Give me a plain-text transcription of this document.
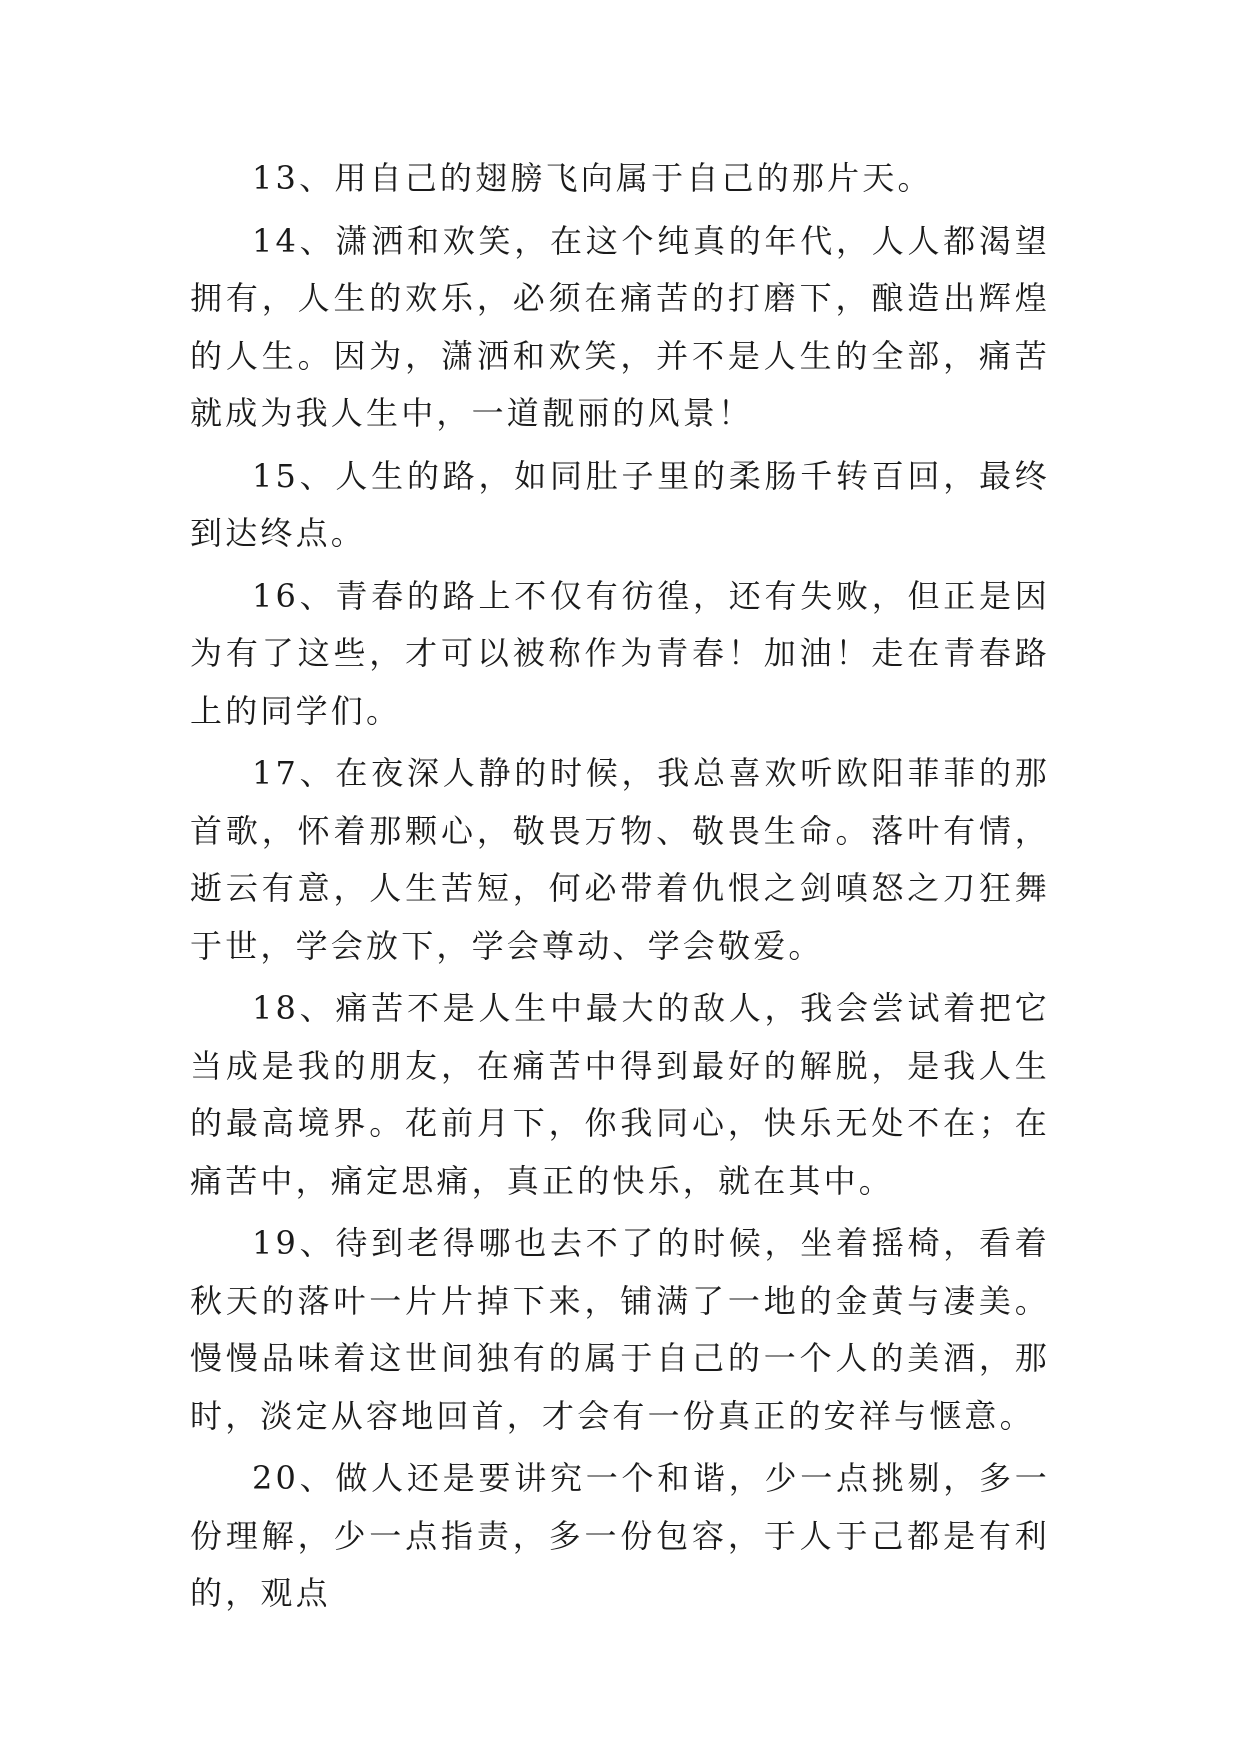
13、用自己的翅膀飞向属于自己的那片天。

14、潇洒和欢笑，在这个纯真的年代，人人都渴望拥有，人生的欢乐，必须在痛苦的打磨下，酿造出辉煌的人生。因为，潇洒和欢笑，并不是人生的全部，痛苦就成为我人生中，一道靓丽的风景！

15、人生的路，如同肚子里的柔肠千转百回，最终到达终点。

16、青春的路上不仅有彷徨，还有失败，但正是因为有了这些，才可以被称作为青春！加油！走在青春路上的同学们。

17、在夜深人静的时候，我总喜欢听欧阳菲菲的那首歌，怀着那颗心，敬畏万物、敬畏生命。落叶有情，逝云有意，人生苦短，何必带着仇恨之剑嗔怒之刀狂舞于世，学会放下，学会尊动、学会敬爱。

18、痛苦不是人生中最大的敌人，我会尝试着把它当成是我的朋友，在痛苦中得到最好的解脱，是我人生的最高境界。花前月下，你我同心，快乐无处不在；在痛苦中，痛定思痛，真正的快乐，就在其中。

19、待到老得哪也去不了的时候，坐着摇椅，看着秋天的落叶一片片掉下来，铺满了一地的金黄与凄美。慢慢品味着这世间独有的属于自己的一个人的美酒，那时，淡定从容地回首，才会有一份真正的安祥与惬意。

20、做人还是要讲究一个和谐，少一点挑剔，多一份理解，少一点指责，多一份包容，于人于己都是有利的，观点
